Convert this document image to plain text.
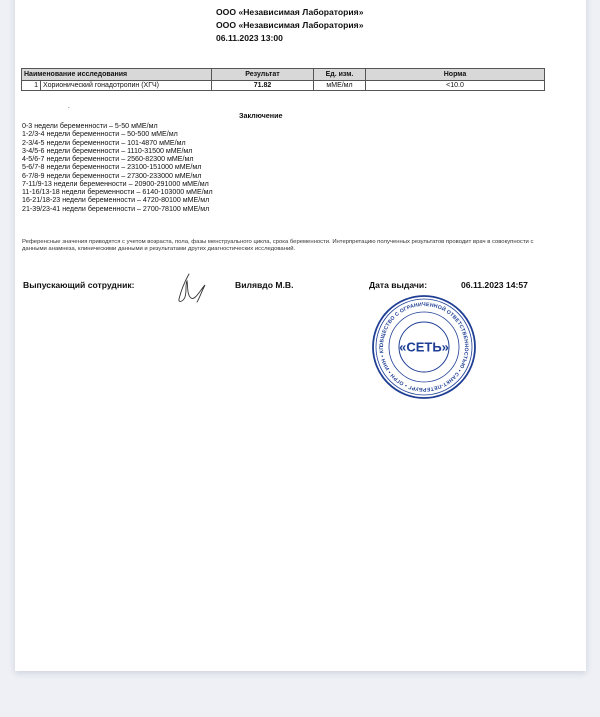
ООО «Независимая Лаборатория»
ООО «Независимая Лаборатория»
06.11.2023 13:00
Наименование исследования	Результат	Ед. изм.	Норма
1 Хорионический гонадотропин (ХГЧ)	71.82	мМЕ/мл	<10.0
.
Заключение
0-3 недели беременности – 5-50 мМЕ/мл
1-2/3-4 недели беременности – 50-500 мМЕ/мл
2-3/4-5 недели беременности – 101-4870 мМЕ/мл
3-4/5-6 недели беременности – 1110-31500 мМЕ/мл
4-5/6-7 недели беременности – 2560-82300 мМЕ/мл
5-6/7-8 недели беременности – 23100-151000 мМЕ/мл
6-7/8-9 недели беременности – 27300-233000 мМЕ/мл
7-11/9-13 недели беременности – 20900-291000 мМЕ/мл
11-16/13-18 недели беременности – 6140-103000 мМЕ/мл
16-21/18-23 недели беременности – 4720-80100 мМЕ/мл
21-39/23-41 недели беременности – 2700-78100 мМЕ/мл
Референсные значения приводятся с учетом возраста, пола, фазы менструального цикла, срока беременности. Интерпретацию полученных результатов проводит врач в совокупности с данными анамнеза, клиническими данными и результатами других диагностических исследований.
Выпускающий сотрудник:	Вилявдо М.В.	Дата выдачи:	06.11.2023 14:57
ОБЩЕСТВО С ОГРАНИЧЕННОЙ ОТВЕТСТВЕННОСТЬЮ • САНКТ-ПЕТЕРБУРГ • ОГРН • ИНН • КП	«СЕТЬ»
